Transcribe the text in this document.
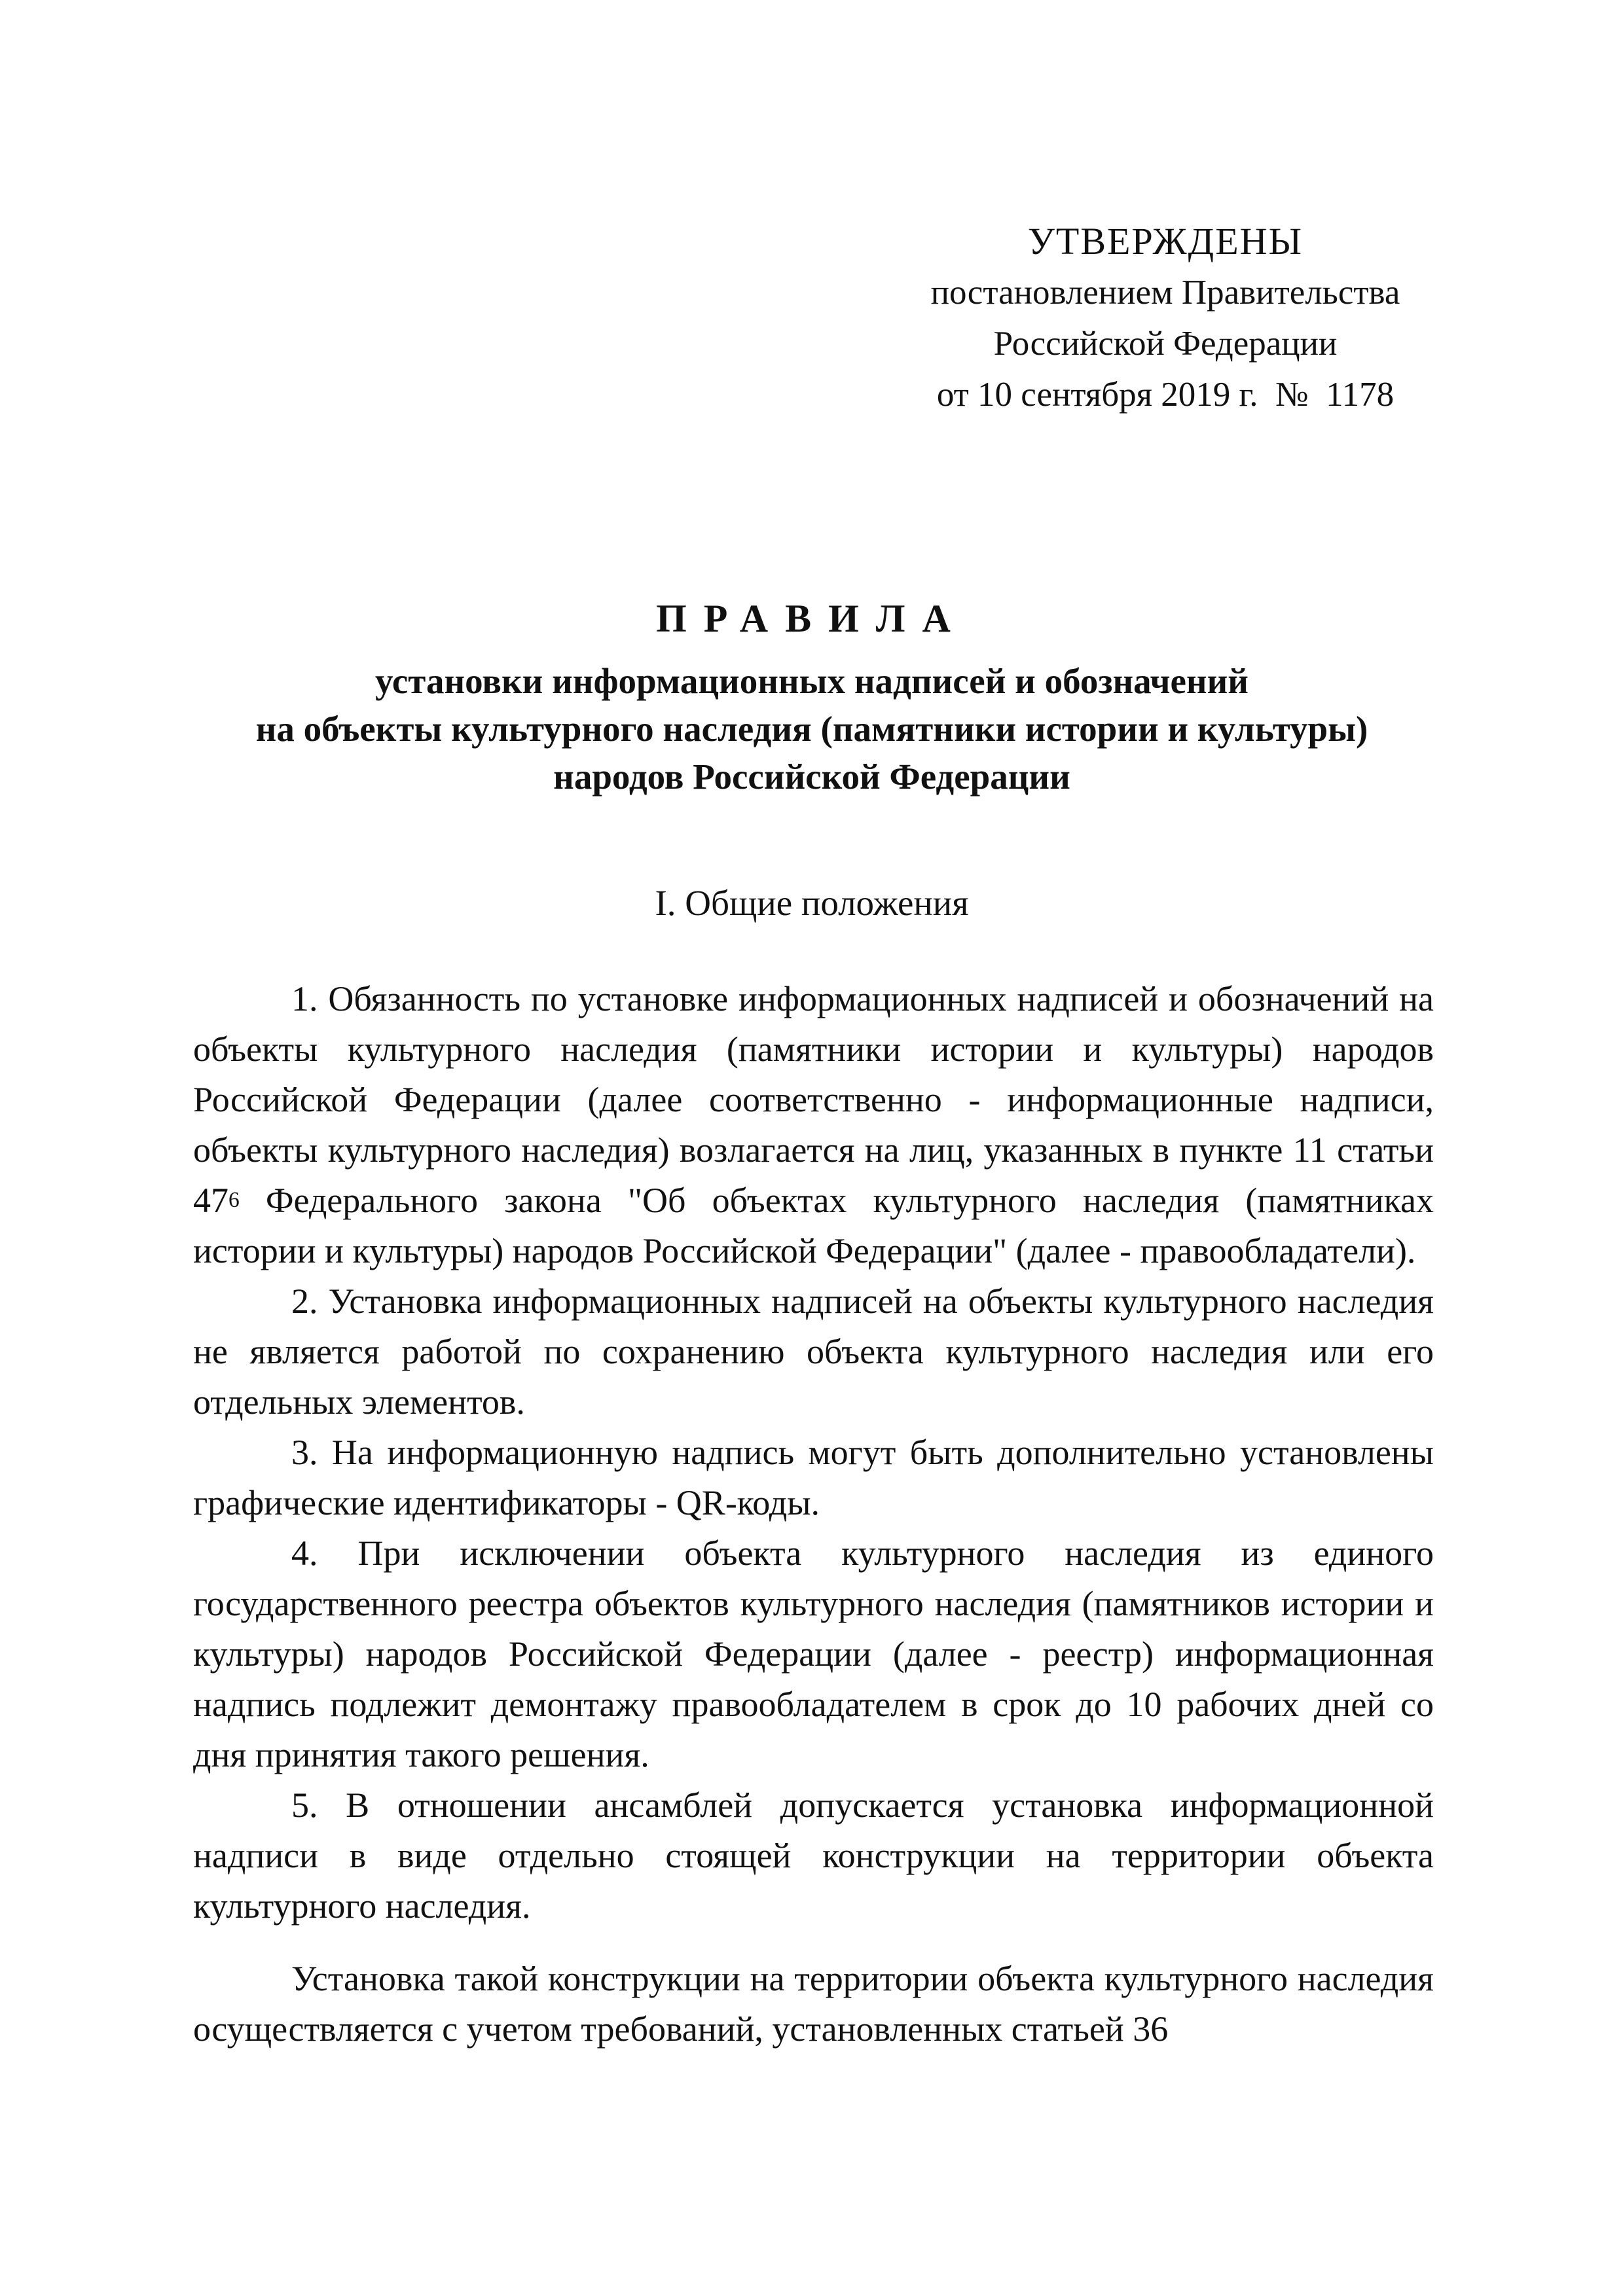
УТВЕРЖДЕНЫ
постановлением Правительства
Российской Федерации
от 10 сентября 2019 г.  №  1178
ПРАВИЛА
установки информационных надписей и обозначений
на объекты культурного наследия (памятники истории и культуры)
народов Российской Федерации
I. Общие положения

1. Обязанность по установке информационных надписей и обозначений на объекты культурного наследия (памятники истории и культуры) народов Российской Федерации (далее соответственно - информационные надписи, объекты культурного наследия) возлагается на лиц, указанных в пункте 11 статьи $47^6$ Федерального закона "Об объектах культурного наследия (памятниках истории и культуры) народов Российской Федерации" (далее - правообладатели).

2. Установка информационных надписей на объекты культурного наследия не является работой по сохранению объекта культурного наследия или его отдельных элементов.

3. На информационную надпись могут быть дополнительно установлены графические идентификаторы - QR-коды.

4. При исключении объекта культурного наследия из единого государственного реестра объектов культурного наследия (памятников истории и культуры) народов Российской Федерации (далее - реестр) информационная надпись подлежит демонтажу правообладателем в срок до 10 рабочих дней со дня принятия такого решения.

5. В отношении ансамблей допускается установка информационной надписи в виде отдельно стоящей конструкции на территории объекта культурного наследия.

Установка такой конструкции на территории объекта культурного наследия осуществляется с учетом требований, установленных статьей 36
